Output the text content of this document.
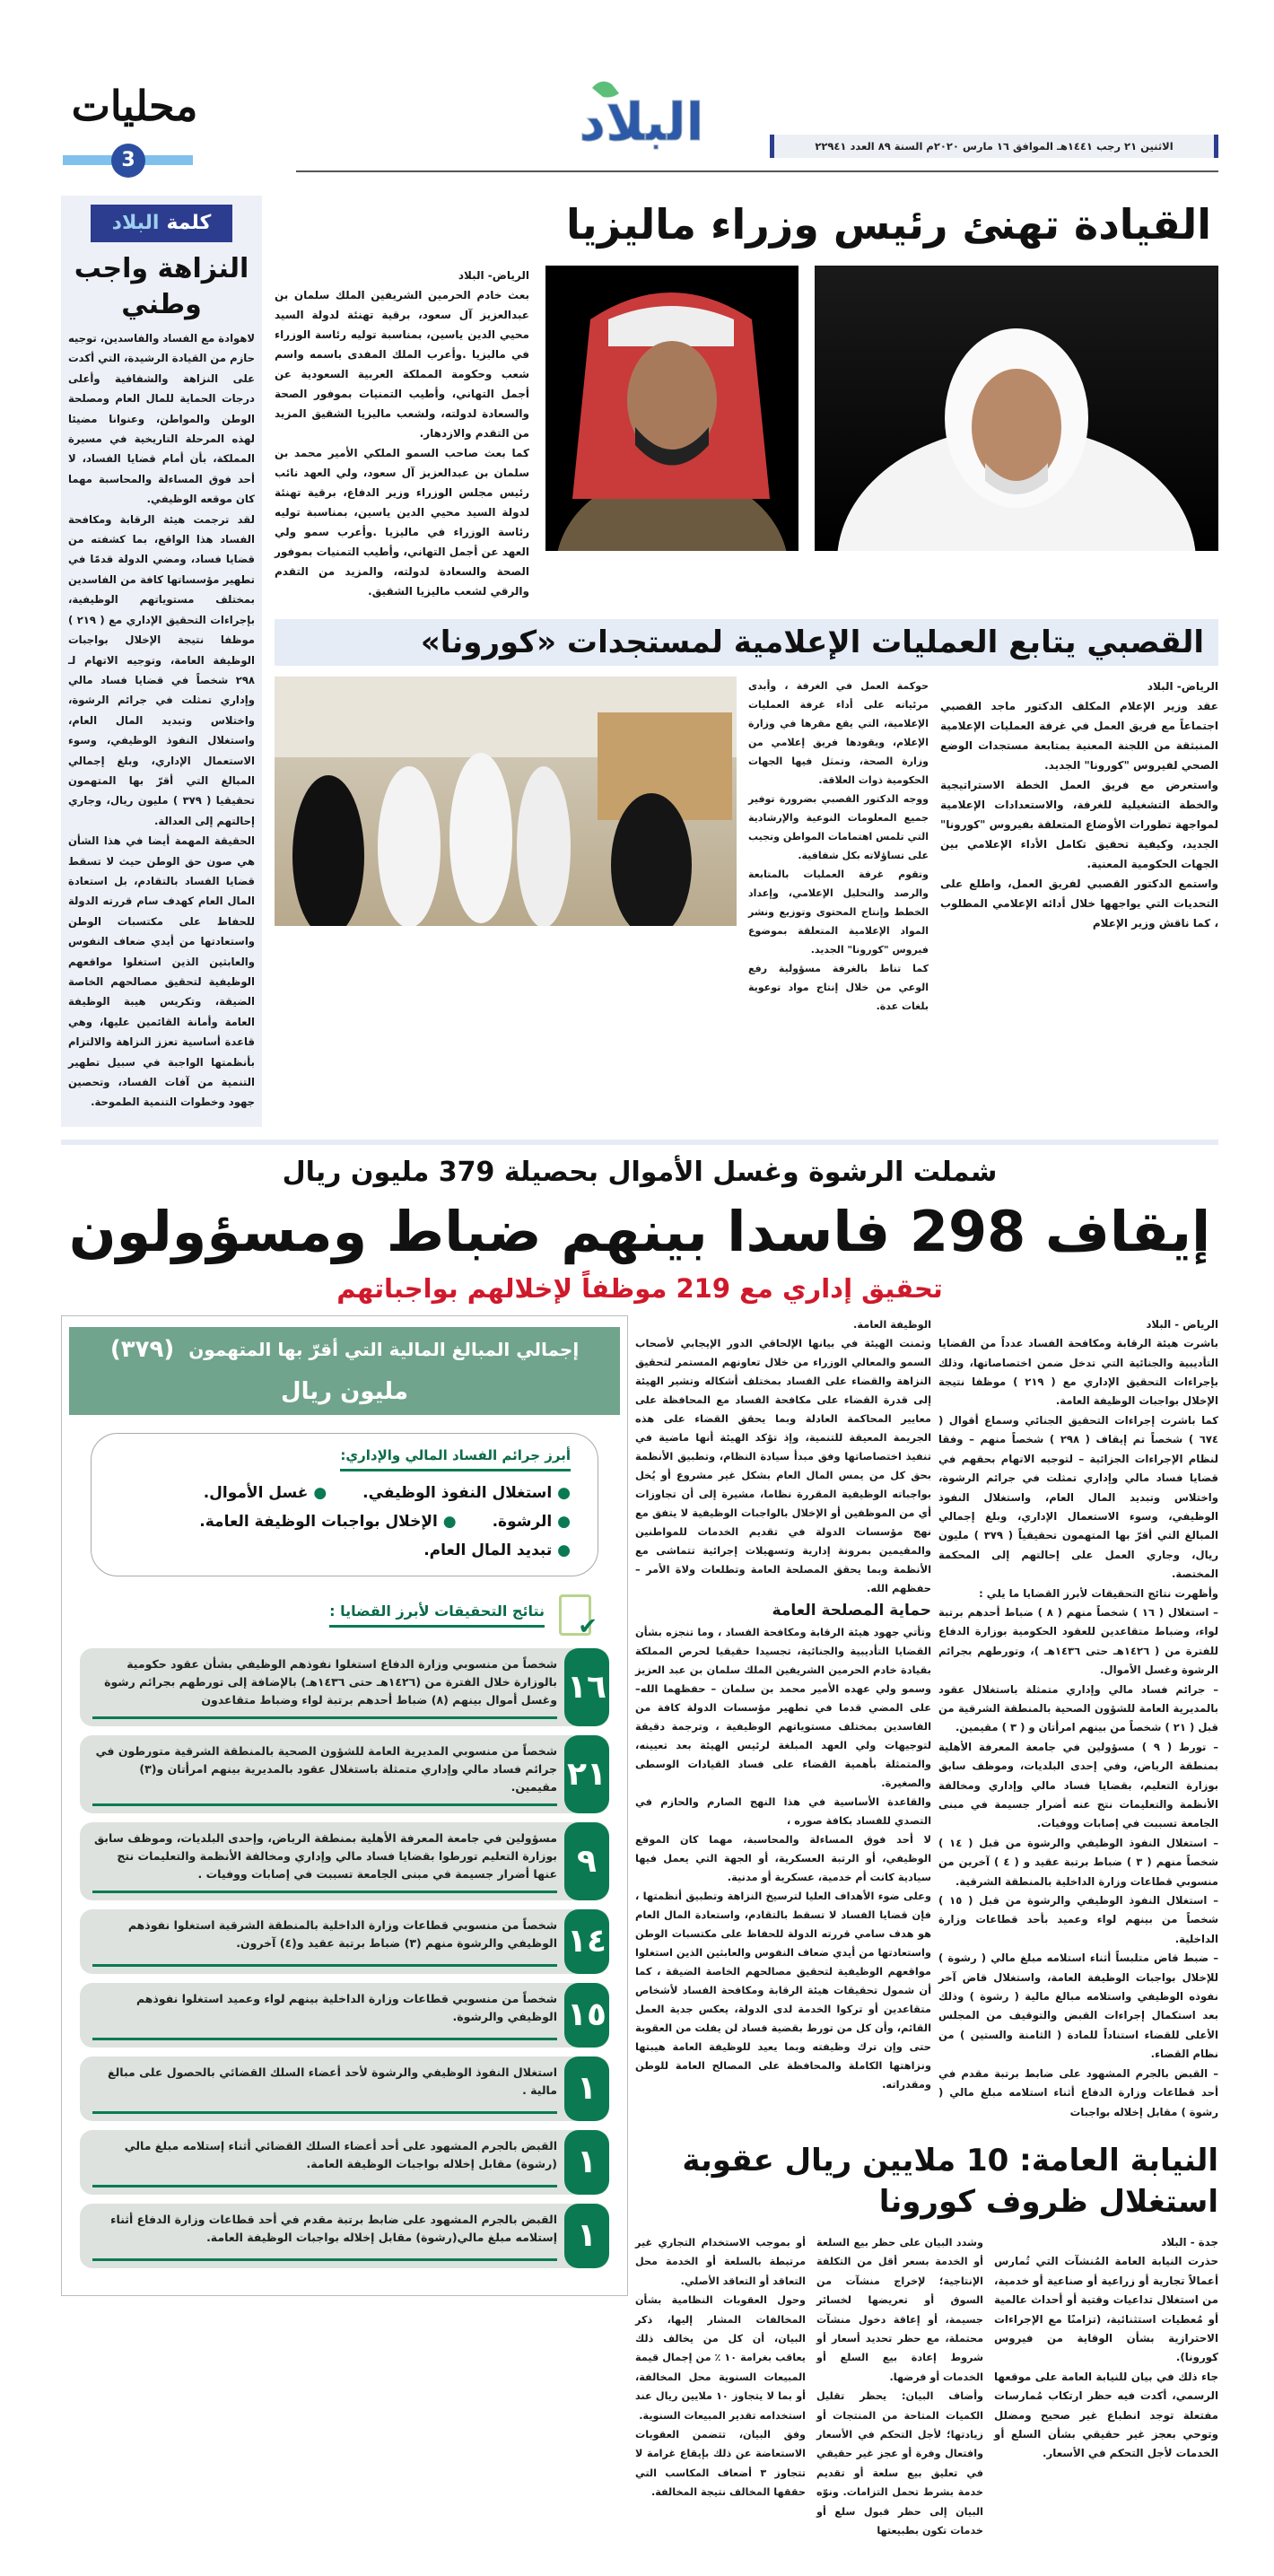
البلاد	الاثنين ٢١ رجب ١٤٤١هـ الموافق ١٦ مارس ٢٠٢٠م السنة ٨٩ العدد ٢٢٩٤١
محليات
3
القيادة تهنئ رئيس وزراء ماليزيا

الرياض- البلاد

بعث خادم الحرمين الشريفين الملك سلمان بن عبدالعزيز آل سعود، برقية تهنئة لدولة السيد محيي الدين ياسين، بمناسبة توليه رئاسة الوزراء في ماليزيا .وأعرب الملك المفدى باسمه واسم شعب وحكومة المملكة العربية السعودية عن أجمل التهاني، وأطيب التمنيات بموفور الصحة والسعادة لدولته، ولشعب ماليزيا الشقيق المزيد من التقدم والازدهار.

كما بعث صاحب السمو الملكي الأمير محمد بن سلمان بن عبدالعزيز آل سعود، ولي العهد نائب رئيس مجلس الوزراء وزير الدفاع، برقية تهنئة لدولة السيد محيي الدين ياسين، بمناسبة توليه رئاسة الوزراء في ماليزيا .وأعرب سمو ولي العهد عن أجمل التهاني، وأطيب التمنيات بموفور الصحة والسعادة لدولته، والمزيد من التقدم والرقي لشعب ماليزيا الشقيق.

القصبي يتابع العمليات الإعلامية لمستجدات «كورونا»

الرياض- البلاد

عقد وزير الإعلام المكلف الدكتور ماجد القصبي اجتماعاً مع فريق العمل في غرفة العمليات الإعلامية المنبثقة من اللجنة المعنية بمتابعة مستجدات الوضع الصحي لفيروس "كورونا" الجديد.

واستعرض مع فريق العمل الخطة الاستراتيجية والخطة التشغيلية للغرفة، والاستعدادات الإعلامية لمواجهة تطورات الأوضاع المتعلقة بفيروس "كورونا" الجديد، وكيفية تحقيق تكامل الأداء الإعلامي بين الجهات الحكومية المعنية.

واستمع الدكتور القصبي لفريق العمل، واطلع على التحديات التي يواجهها خلال أدائه الإعلامي المطلوب ، كما ناقش وزير الإعلام

حوكمة العمل في الغرفة ، وأبدى مرئياته على أداء غرفة العمليات الإعلامية، التي يقع مقرها في وزارة الإعلام، ويقودها فريق إعلامي من وزارة الصحة، وتمثل فيها الجهات الحكومية ذوات العلاقة.

ووجه الدكتور القصبي بضرورة توفير جميع المعلومات النوعية والإرشادية التي تلمس اهتمامات المواطن وتجيب على تساؤلاته بكل شفافية.

وتقوم غرفة العمليات بالمتابعة والرصد والتحليل الإعلامي، وإعداد الخطط وإنتاج المحتوى وتوزيع ونشر المواد الإعلامية المتعلقة بموضوع فيروس "كورونا" الجديد.

كما تناط بالغرفة مسؤولية رفع الوعي من خلال إنتاج مواد توعوية بلغات عدة.

كلمةالبلاد
النزاهة واجب وطني

لاهوادة مع الفساد والفاسدين، توجيه حازم من القيادة الرشيدة، التي أكدت على النزاهة والشفافية وأعلى درجات الحماية للمال العام ومصلحة الوطن والمواطن، وعنوانا مضيئا لهذه المرحلة التاريخية في مسيرة المملكة، بأن أمام قضايا الفساد، لا أحد فوق المساءلة والمحاسبة مهما كان موقعه الوظيفي.

لقد ترجمت هيئة الرقابة ومكافحة الفساد هذا الواقع، بما كشفته من قضايا فساد، ومضي الدولة قدمًا في تطهير مؤسساتها كافة من الفاسدين بمختلف مستوياتهم الوظيفية، بإجراءات التحقيق الإداري مع ( ٢١٩ ) موظفا نتيجة الإخلال بواجبات الوظيفة العامة، وتوجيه الاتهام لـ ٢٩٨ شخصاً في قضايا فساد مالي وإداري تمثلت في جرائم الرشوة، واختلاس وتبديد المال العام، واستغلال النفوذ الوظيفي، وسوء الاستعمال الإداري، وبلغ إجمالي المبالغ التي أقرّ بها المتهمون تحقيقيا ( ٣٧٩ ) مليون ريال، وجاري إحالتهم إلى العدالة.

الحقيقة المهمة أيضا في هذا الشأن هي صون حق الوطن حيث لا تسقط قضايا الفساد بالتقادم، بل استعادة المال العام كهدف سام قررته الدولة للحفاظ على مكتسبات الوطن واستعادتها من أيدي ضعاف النفوس والعابثين الذين استغلوا مواقعهم الوظيفية لتحقيق مصالحهم الخاصة الضيقة، وتكريس هيبة الوظيفة العامة وأمانة القائمين عليها، وهي قاعدة أساسية تعزز النزاهة والالتزام بأنظمتها الواجبة في سبيل تطهير التنمية من آفات الفساد، وتحصين جهود وخطوات التنمية الطموحة.

شملت الرشوة وغسل الأموال بحصيلة 379 مليون ريال
إيقاف 298 فاسدا بينهم ضباط ومسؤولون
تحقيق إداري مع 219 موظفاً لإخلالهم بواجباتهم

الرياض - البلاد

باشرت هيئة الرقابة ومكافحة الفساد عدداً من القضايا التأديبية والجنائية التي تدخل ضمن اختصاصاتها، وذلك بإجراءات التحقيق الإداري مع ( ٢١٩ ) موظفا نتيجة الإخلال بواجبات الوظيفة العامة.

كما باشرت إجراءات التحقيق الجنائي وسماع أقوال ( ٦٧٤ ) شخصاً تم إيقاف ( ٢٩٨ ) شخصاً منهم – وفقا لنظام الإجراءات الجزائية – لتوجيه الاتهام بحقهم في قضايا فساد مالي وإداري تمثلت في جرائم الرشوة، واختلاس وتبديد المال العام، واستغلال النفوذ الوظيفي، وسوء الاستعمال الإداري، وبلغ إجمالي المبالغ التي أقرّ بها المتهمون تحقيقياً ( ٣٧٩ ) مليون ريال، وجاري العمل على إحالتهم إلى المحكمة المختصة.

وأظهرت نتائج التحقيقات لأبرز القضايا ما يلي :

– استغلال ( ١٦ ) شخصاً منهم ( ٨ ) ضباط أحدهم برتبة لواء، وضباط متقاعدين للعقود الحكومية بوزارة الدفاع للفترة من ( ١٤٢٦هـ حتى ١٤٣٦هـ )، وتورطهم بجرائم الرشوة وغسل الأموال.

– جرائم فساد مالي وإداري متمثلة باستغلال عقود بالمديرية العامة للشؤون الصحية بالمنطقة الشرقية من قبل ( ٢١ ) شخصاً من بينهم امرأتان و ( ٣ ) مقيمين.

– تورط ( ٩ ) مسؤولين في جامعة المعرفة الأهلية بمنطقة الرياض، وفي إحدى البلديات، وموظف سابق بوزارة التعليم، بقضايا فساد مالي وإداري ومخالفة الأنظمة والتعليمات نتج عنه أضرار جسيمة في مبنى الجامعة تسببت في إصابات ووفيات.

– استغلال النفوذ الوظيفي والرشوة من قبل ( ١٤ ) شخصاً منهم ( ٣ ) ضباط برتبة عقيد و ( ٤ ) آخرين من منسوبي قطاعات وزارة الداخلية بالمنطقة الشرقية.

– استغلال النفوذ الوظيفي والرشوة من قبل ( ١٥ ) شخصاً من بينهم لواء وعميد بأحد قطاعات وزارة الداخلية.

– ضبط قاض متلبساً أثناء استلامه مبلغ مالي ( رشوة ) للإخلال بواجبات الوظيفة العامة، واستغلال قاض آخر نفوذه الوظيفي واستلامه مبالغ مالية ( رشوة ) وذلك بعد استكمال إجراءات القبض والتوقيف من المجلس الأعلى للقضاء استناداً للمادة ( الثامنة والستين ) من نظام القضاء.

– القبض بالجرم المشهود على ضابط برتبة مقدم في أحد قطاعات وزارة الدفاع أثناء استلامه مبلغ مالي ( رشوة ) مقابل إخلاله بواجبات

الوظيفة العامة.

وثمنت الهيئة في بيانها الإلحاقي الدور الإيجابي لأصحاب السمو والمعالي الوزراء من خلال تعاونهم المستمر لتحقيق النزاهة والقضاء على الفساد بمختلف أشكاله وتشير الهيئة إلى قدرة القضاء على مكافحة الفساد مع المحافظة على معايير المحاكمة العادلة وبما يحقق القضاء على هذه الجريمة المعيقة للتنمية، وإذ تؤكد الهيئة أنها ماضية في تنفيذ اختصاصاتها وفق مبدأ سيادة النظام، وتطبيق الأنظمة بحق كل من يمس المال العام بشكل غير مشروع أو يُخل بواجباته الوظيفية المقررة نظاما، مشيرة إلى أن تجاوزات أي من الموظفين أو الإخلال بالواجبات الوظيفية لا يتفق مع نهج مؤسسات الدولة في تقديم الخدمات للمواطنين والمقيمين بمرونة إدارية وتسهيلات إجرائية تتماشى مع الأنظمة وبما يحقق المصلحة العامة وتطلعات ولاة الأمر – حفظهم الله.

حماية المصلحة العامة

وتأتي جهود هيئة الرقابة ومكافحة الفساد ، وما تنجزه بشأن القضايا التأديبية والجنائية، تجسيدا حقيقيا لحرص المملكة بقيادة خادم الحرمين الشريفين الملك سلمان بن عبد العزيز وسمو ولي عهده الأمير محمد بن سلمان – حفظهما الله– على المضي قدما في تطهير مؤسسات الدولة كافة من الفاسدين بمختلف مستوياتهم الوظيفية ، وترجمة دقيقة لتوجيهات ولي العهد المبلغة لرئيس الهيئة بعد تعيينه، والمتمثلة بأهمية القضاء على فساد القيادات الوسطى والصغيرة.

والقاعدة الأساسية في هذا النهج الصارم والحازم في التصدي للفساد بكافة صوره ،

لا أحد فوق المساءلة والمحاسبة، مهما كان الموقع الوظيفي، أو الرتبة العسكرية، أو الجهة التي يعمل فيها سيادية كانت أم خدمية، عسكرية أو مدنية.

وعلى ضوء الأهداف العليا لترسيخ النزاهة وتطبيق أنظمتها ، فإن قضايا الفساد لا تسقط بالتقادم، واستعادة المال العام هو هدف سامي قررته الدولة للحفاظ على مكتسبات الوطن واستعادتها من أيدي ضعاف النفوس والعابثين الذين استغلوا مواقعهم الوظيفية لتحقيق مصالحهم الخاصة الضيقة ، كما أن شمول تحقيقات هيئة الرقابة ومكافحة الفساد لأشخاص متقاعدين أو تركوا الخدمة لدى الدولة، يعكس جدية العمل القائم، وأن كل من تورط بقضية فساد لن يفلت من العقوبة حتى وإن ترك وظيفته وبما يعيد للوظيفة العامة هيبتها ونزاهتها الكاملة والمحافظة على المصالح العامة للوطن ومقدراته.

النيابة العامة: 10 ملايين ريال عقوبة
استغلال ظروف كورونا

جدة - البلاد

حذرت النيابة العامة المُنشآت التي تُمارس أعمالاً تجارية أو زراعية أو صناعية أو خدمية، من استغلال تداعيات وقتية أو أحداث عالمية أو مُعطيات استثنائية، (تزامنًا مع الإجراءات الاحترازية بشأن الوقاية من فيروس كورونا).

جاء ذلك في بيان للنيابة العامة على موقعها الرسمي، أكدت فيه حظر ارتكاب مُمارسات مفتعلة توجد انطباع غير صحيح ومضلل وتوحي بعجز غير حقيقي بشأن السلع أو الخدمات لأجل التحكم في الأسعار.

وشدد البيان على حظر بيع السلعة أو الخدمة بسعر أقل من التكلفة الإنتاجية؛ لإخراج منشآت من السوق أو تعريضها لخسائر جسيمة، أو إعاقة دخول منشآت محتملة، مع حظر تحديد أسعار أو شروط إعادة بيع السلع أو الخدمات أو فرضها.

وأضاف البيان: يحظر تقليل الكميات المتاحة من المنتجات أو زيادتها؛ لأجل التحكم في الأسعار وافتعال وفرة أو عجز غير حقيقي في تعليق بيع سلعة أو تقديم خدمة بشرط تحمل التزامات. ونوّه البيان إلى حظر قبول سلع أو خدمات تكون بطبيعتها

أو بموجب الاستخدام التجاري غير مرتبطة بالسلعة أو الخدمة محل التعاقد أو التعاقد الأصلي.

وحول العقوبات النظامية بشأن المخالفات المشار إليها، ذكر البيان، أن كل من يخالف ذلك يعاقب بغرامة ١٠ ٪ من إجمال قيمة المبيعات السنوية محل المخالفة، أو بما لا يتجاوز ١٠ ملايين ريال عند استخدامه تقدير المبيعات السنوية.

وفق البيان، تتضمن العقوبات الاستعاضة عن ذلك بإيقاع غرامة لا تتجاوز ٣ أضعاف المكاسب التي حققها المخالف نتيجة المخالفة.

إجمالي المبالغ المالية التي أقرّ بها المتهمون
(٣٧٩)
مليون ريال
أبرز جرائم الفساد المالي والإداري:
● استغلال النفوذ الوظيفي.
● غسل الأموال.
● الرشوة.
● الإخلال بواجبات الوظيفة العامة.
● تبديد المال العام.
✔
نتائج التحقيقات لأبرز القضايا :
١٦
شخصاً من منسوبي وزارة الدفاع استغلوا نفوذهم الوظيفي بشأن عقود حكومية بالوزارة خلال الفترة من (١٤٢٦هـ حتى ١٤٣٦هـ) بالإضافة إلى تورطهم بجرائم رشوة وغسل أموال بينهم (٨) ضباط أحدهم برتبة لواء وضباط متقاعدون
٢١
شخصاً من منسوبي المديرية العامة للشؤون الصحية بالمنطقة الشرقية متورطون في جرائم فساد مالي وإداري متمثلة باستغلال عقود بالمديرية بينهم امرأتان و(٣) مقيمين.
٩
مسؤولين في جامعة المعرفة الأهلية بمنطقة الرياض، وإحدى البلديات، وموظف سابق بوزارة التعليم تورطوا بقضايا فساد مالي وإداري ومخالفة الأنظمة والتعليمات نتج عنها أضرار جسيمة في مبنى الجامعة تسببت في إصابات ووفيات .
١٤
شخصاً من منسوبي قطاعات وزارة الداخلية بالمنطقة الشرقية استغلوا نفوذهم الوظيفي والرشوة منهم (٣) ضباط برتبة عقيد و(٤) آخرون.
١٥
شخصاً من منسوبي قطاعات وزارة الداخلية بينهم لواء وعميد استغلوا نفوذهم الوظيفي والرشوة.
١
استغلال النفوذ الوظيفي والرشوة لأحد أعضاء السلك القضائي بالحصول على مبالغ مالية .
١
القبض بالجرم المشهود على أحد أعضاء السلك القضائي أثناء إستلامه مبلغ مالي (رشوة) مقابل إخلاله بواجبات الوظيفة العامة.
١
القبض بالجرم المشهود على ضابط برتبة مقدم في أحد قطاعات وزارة الدفاع أثناء إستلامه مبلغ مالي(رشوة) مقابل إخلاله بواجبات الوظيفة العامة.
